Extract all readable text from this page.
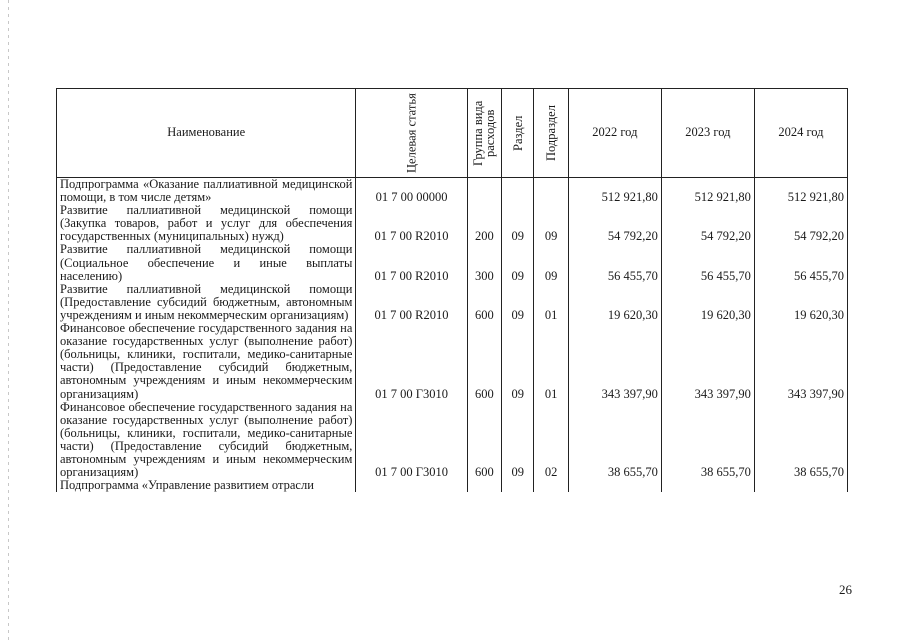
Наименование	Целевая статья	Группа вида расходов	Раздел	Подраздел	2022 год	2023 год	2024 год
Подпрограмма «Оказание паллиативной медицинской помощи, в том числе детям»	01 7 00 00000				512 921,80	512 921,80	512 921,80
Развитие паллиативной медицинской помощи (Закупка товаров, работ и услуг для обеспечения государственных (муниципальных) нужд)	01 7 00 R2010	200	09	09	54 792,20	54 792,20	54 792,20
Развитие паллиативной медицинской помощи (Социальное обеспечение и иные выплаты населению)	01 7 00 R2010	300	09	09	56 455,70	56 455,70	56 455,70
Развитие паллиативной медицинской помощи (Предоставление субсидий бюджетным, автономным учреждениям и иным некоммерческим организациям)	01 7 00 R2010	600	09	01	19 620,30	19 620,30	19 620,30
Финансовое обеспечение государственного задания на оказание государственных услуг (выполнение работ) (больницы, клиники, госпитали, медико-санитарные части) (Предоставление субсидий бюджетным, автономным учреждениям и иным некоммерческим организациям)	01 7 00 Г3010	600	09	01	343 397,90	343 397,90	343 397,90
Финансовое обеспечение государственного задания на оказание государственных услуг (выполнение работ) (больницы, клиники, госпитали, медико-санитарные части) (Предоставление субсидий бюджетным, автономным учреждениям и иным некоммерческим организациям)	01 7 00 Г3010	600	09	02	38 655,70	38 655,70	38 655,70
Подпрограмма «Управление развитием отрасли							
26
